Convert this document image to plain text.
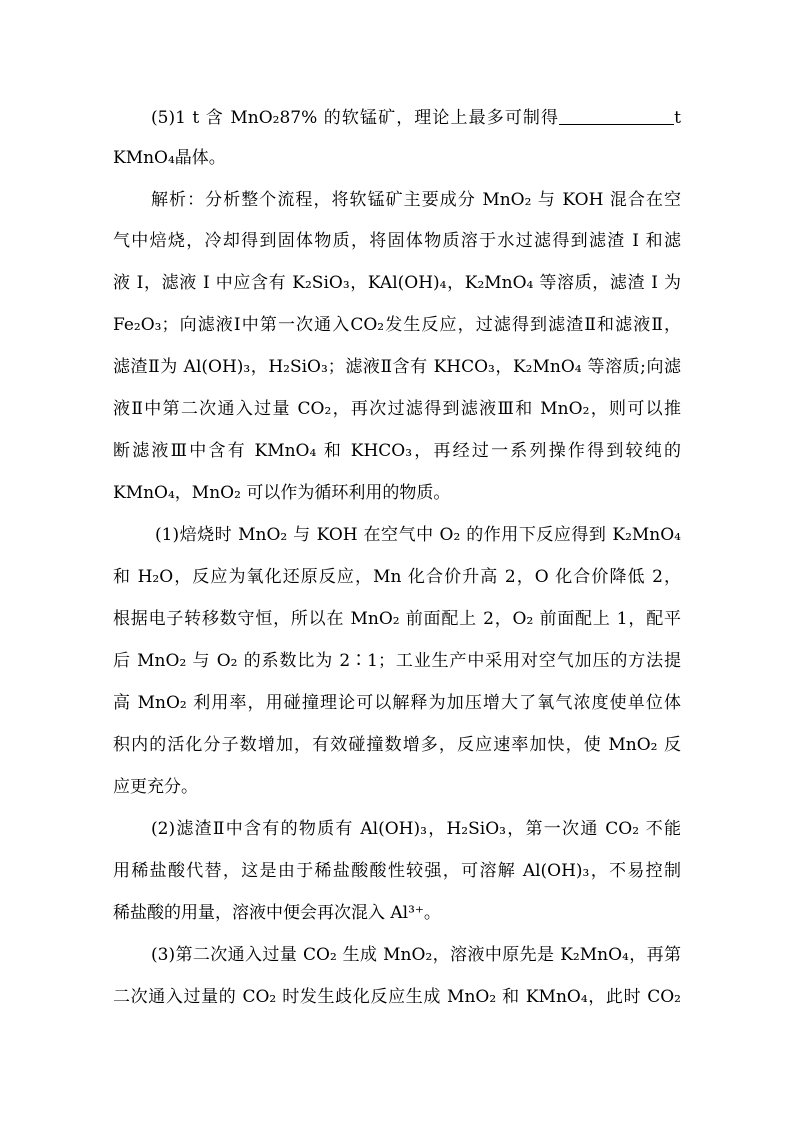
(5)1 t 含 MnO₂87% 的软锰矿，理论上最多可制得	t
KMnO₄晶体。
解析：分析整个流程，将软锰矿主要成分 MnO₂ 与 KOH 混合在空
气中焙烧，冷却得到固体物质，将固体物质溶于水过滤得到滤渣 I 和滤
液 I，滤液 I 中应含有 K₂SiO₃，KAl(OH)₄，K₂MnO₄ 等溶质，滤渣 I 为
Fe₂O₃；向滤液Ⅰ中第一次通入CO₂发生反应，过滤得到滤渣Ⅱ和滤液Ⅱ，
滤渣Ⅱ为 Al(OH)₃，H₂SiO₃；滤液Ⅱ含有 KHCO₃，K₂MnO₄ 等溶质;向滤
液Ⅱ中第二次通入过量 CO₂，再次过滤得到滤液Ⅲ和 MnO₂，则可以推
断滤液Ⅲ中含有 KMnO₄ 和 KHCO₃，再经过一系列操作得到较纯的
KMnO₄，MnO₂ 可以作为循环利用的物质。
(1)焙烧时 MnO₂ 与 KOH 在空气中 O₂ 的作用下反应得到 K₂MnO₄
和 H₂O，反应为氧化还原反应，Mn 化合价升高 2，O 化合价降低 2，
根据电子转移数守恒，所以在 MnO₂ 前面配上 2，O₂ 前面配上 1，配平
后 MnO₂ 与 O₂ 的系数比为 2∶1；工业生产中采用对空气加压的方法提
高 MnO₂ 利用率，用碰撞理论可以解释为加压增大了氧气浓度使单位体
积内的活化分子数增加，有效碰撞数增多，反应速率加快，使 MnO₂ 反
应更充分。
(2)滤渣Ⅱ中含有的物质有 Al(OH)₃，H₂SiO₃，第一次通 CO₂ 不能
用稀盐酸代替，这是由于稀盐酸酸性较强，可溶解 Al(OH)₃，不易控制
稀盐酸的用量，溶液中便会再次混入 Al³⁺。
(3)第二次通入过量 CO₂ 生成 MnO₂，溶液中原先是 K₂MnO₄，再第
二次通入过量的 CO₂ 时发生歧化反应生成 MnO₂ 和 KMnO₄，此时 CO₂
